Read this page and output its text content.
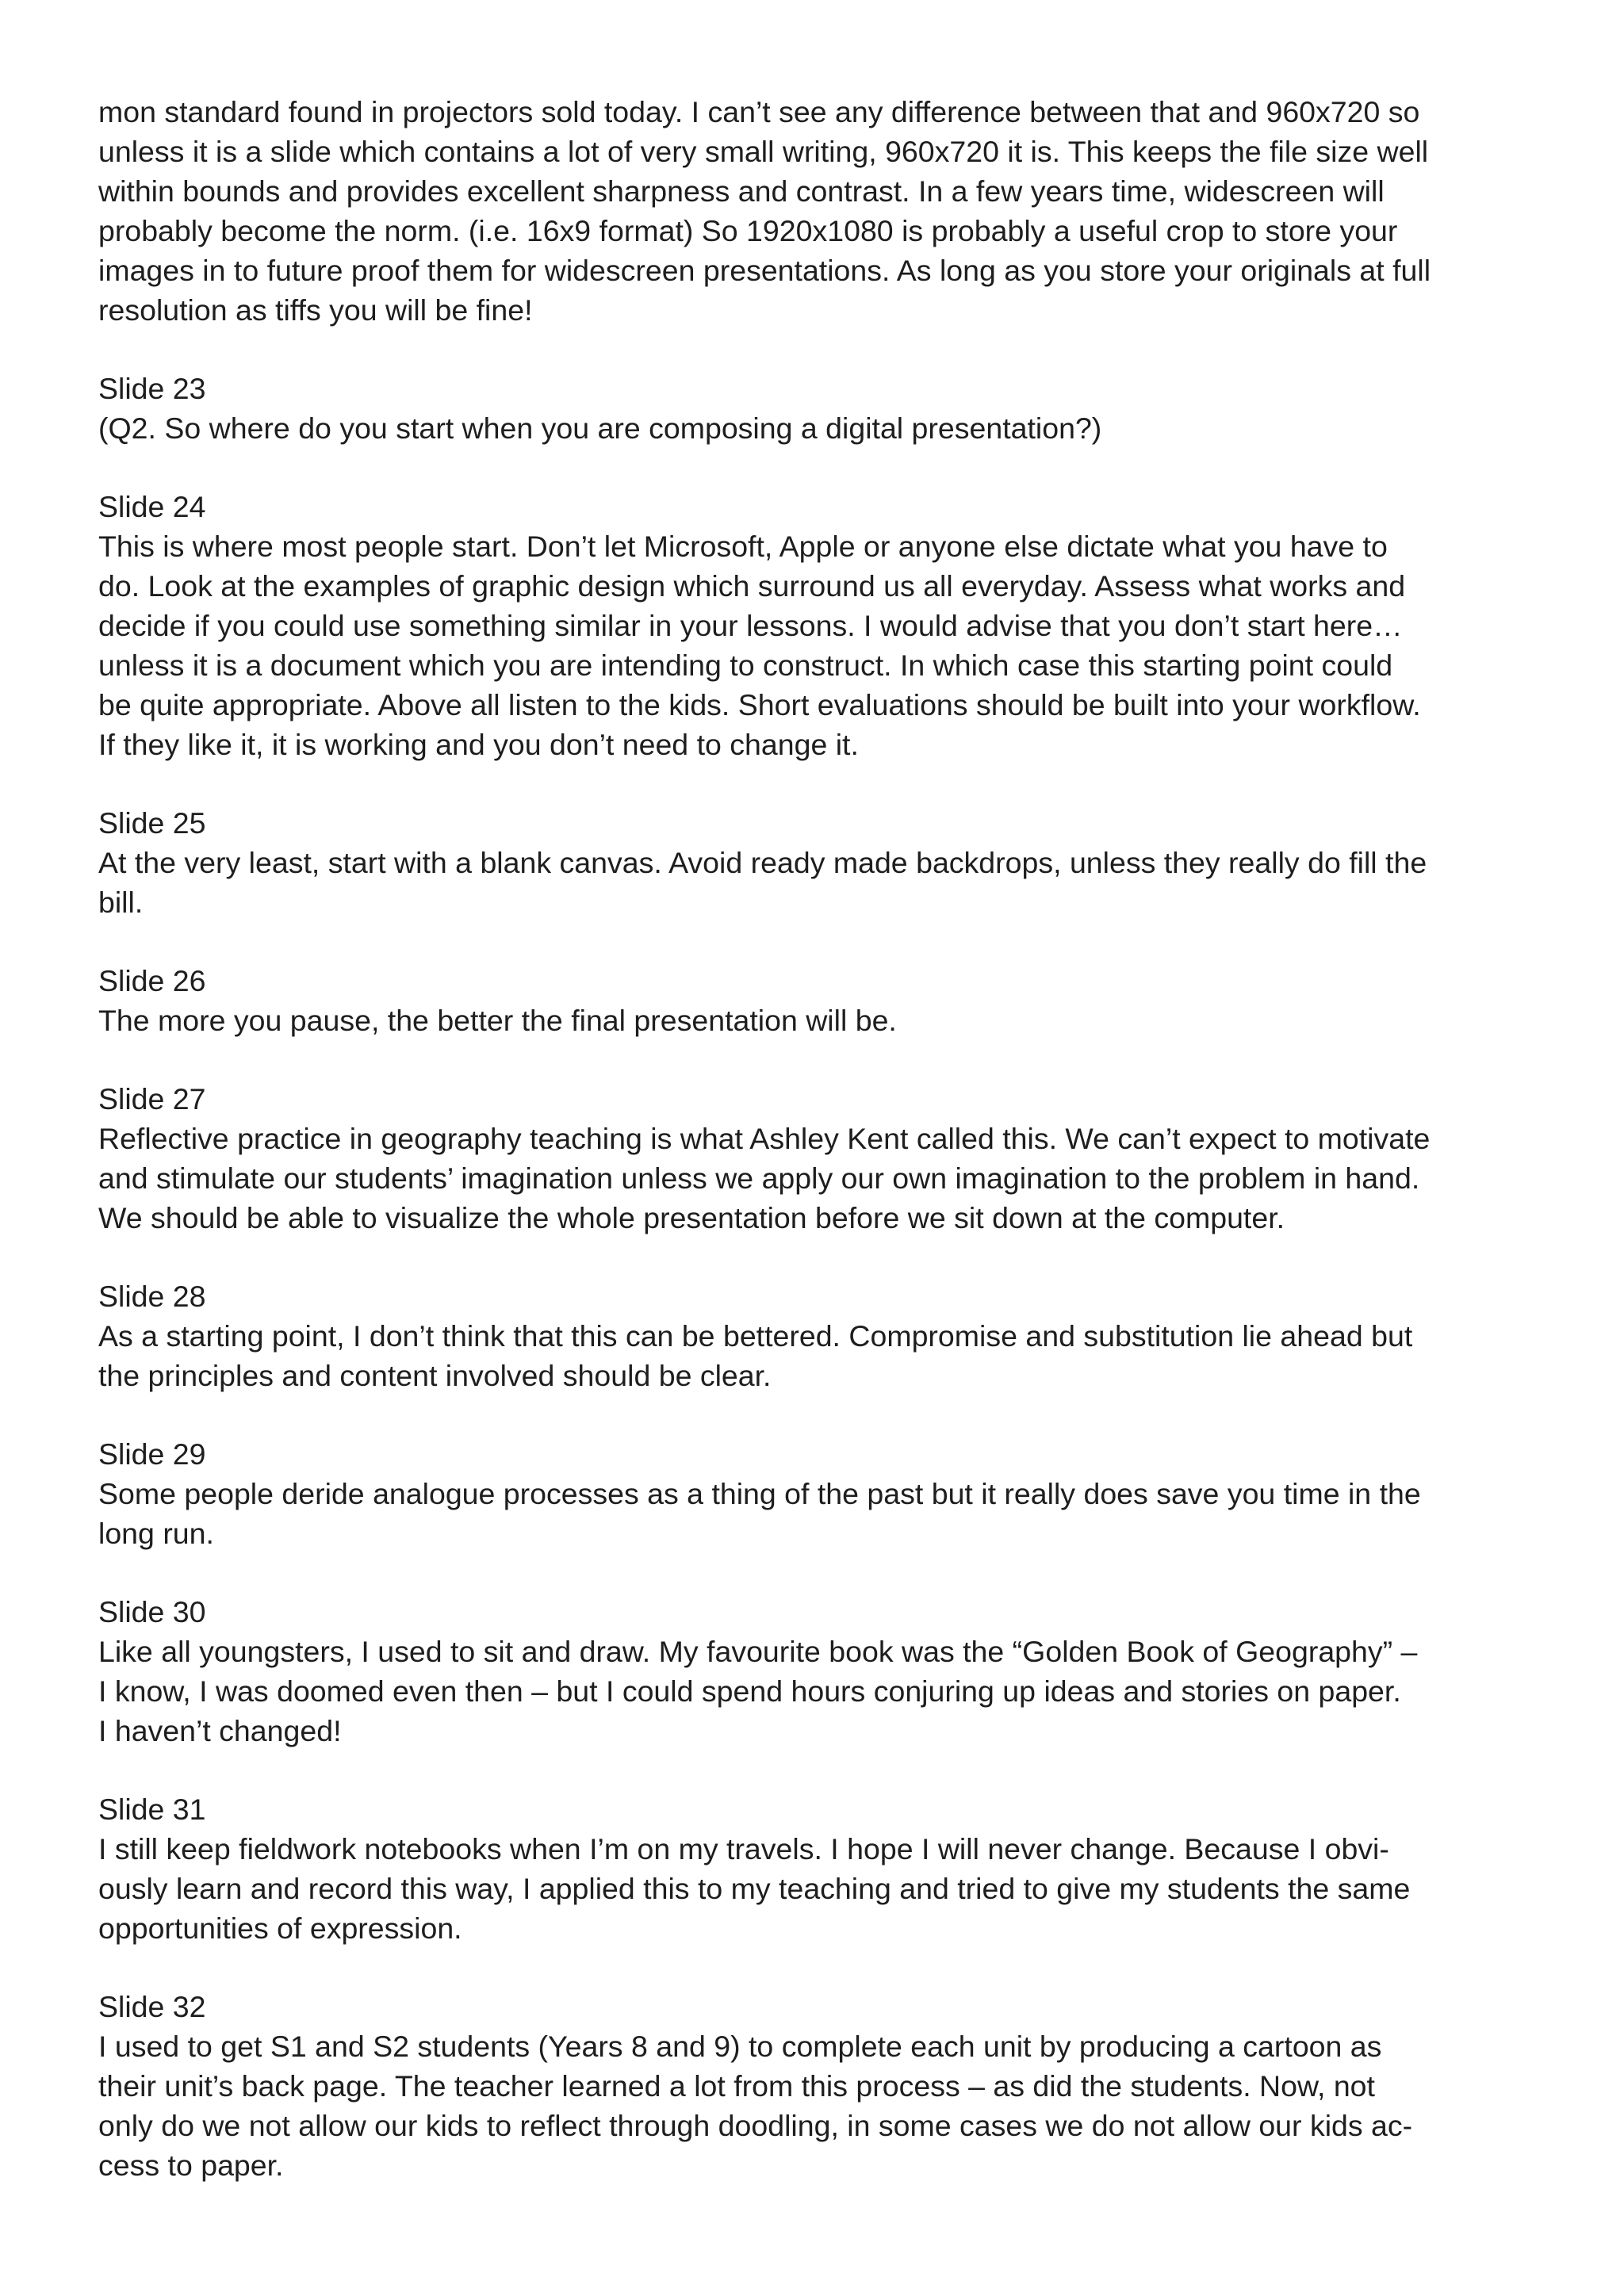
mon standard found in projectors sold today. I can’t see any difference between that and 960x720 so
unless it is a slide which contains a lot of very small writing, 960x720 it is. This keeps the file size well
within bounds and provides excellent sharpness and contrast. In a few years time, widescreen will
probably become the norm. (i.e. 16x9 format) So 1920x1080 is probably a useful crop to store your
images in to future proof them for widescreen presentations. As long as you store your originals at full
resolution as tiffs you will be fine!

Slide 23

(Q2. So where do you start when you are composing a digital presentation?)

Slide 24

This is where most people start. Don’t let Microsoft, Apple or anyone else dictate what you have to
do. Look at the examples of graphic design which surround us all everyday. Assess what works and
decide if you could use something similar in your lessons. I would advise that you don’t start here…
unless it is a document which you are intending to construct. In which case this starting point could
be quite appropriate. Above all listen to the kids. Short evaluations should be built into your workflow.
If they like it, it is working and you don’t need to change it.

Slide 25

At the very least, start with a blank canvas. Avoid ready made backdrops, unless they really do fill the
bill.

Slide 26

The more you pause, the better the final presentation will be.

Slide 27

Reflective practice in geography teaching is what Ashley Kent called this. We can’t expect to motivate
and stimulate our students’ imagination unless we apply our own imagination to the problem in hand.
We should be able to visualize the whole presentation before we sit down at the computer.

Slide 28

As a starting point, I don’t think that this can be bettered. Compromise and substitution lie ahead but
the principles and content involved should be clear.

Slide 29

Some people deride analogue processes as a thing of the past but it really does save you time in the
long run.

Slide 30

Like all youngsters, I used to sit and draw. My favourite book was the “Golden Book of Geography” –
I know, I was doomed even then – but I could spend hours conjuring up ideas and stories on paper.
I haven’t changed!

Slide 31

I still keep fieldwork notebooks when I’m on my travels. I hope I will never change. Because I obvi-
ously learn and record this way, I applied this to my teaching and tried to give my students the same
opportunities of expression.

Slide 32

I used to get S1 and S2 students (Years 8 and 9) to complete each unit by producing a cartoon as
their unit’s back page. The teacher learned a lot from this process – as did the students. Now, not
only do we not allow our kids to reflect through doodling, in some cases we do not allow our kids ac-
cess to paper.
